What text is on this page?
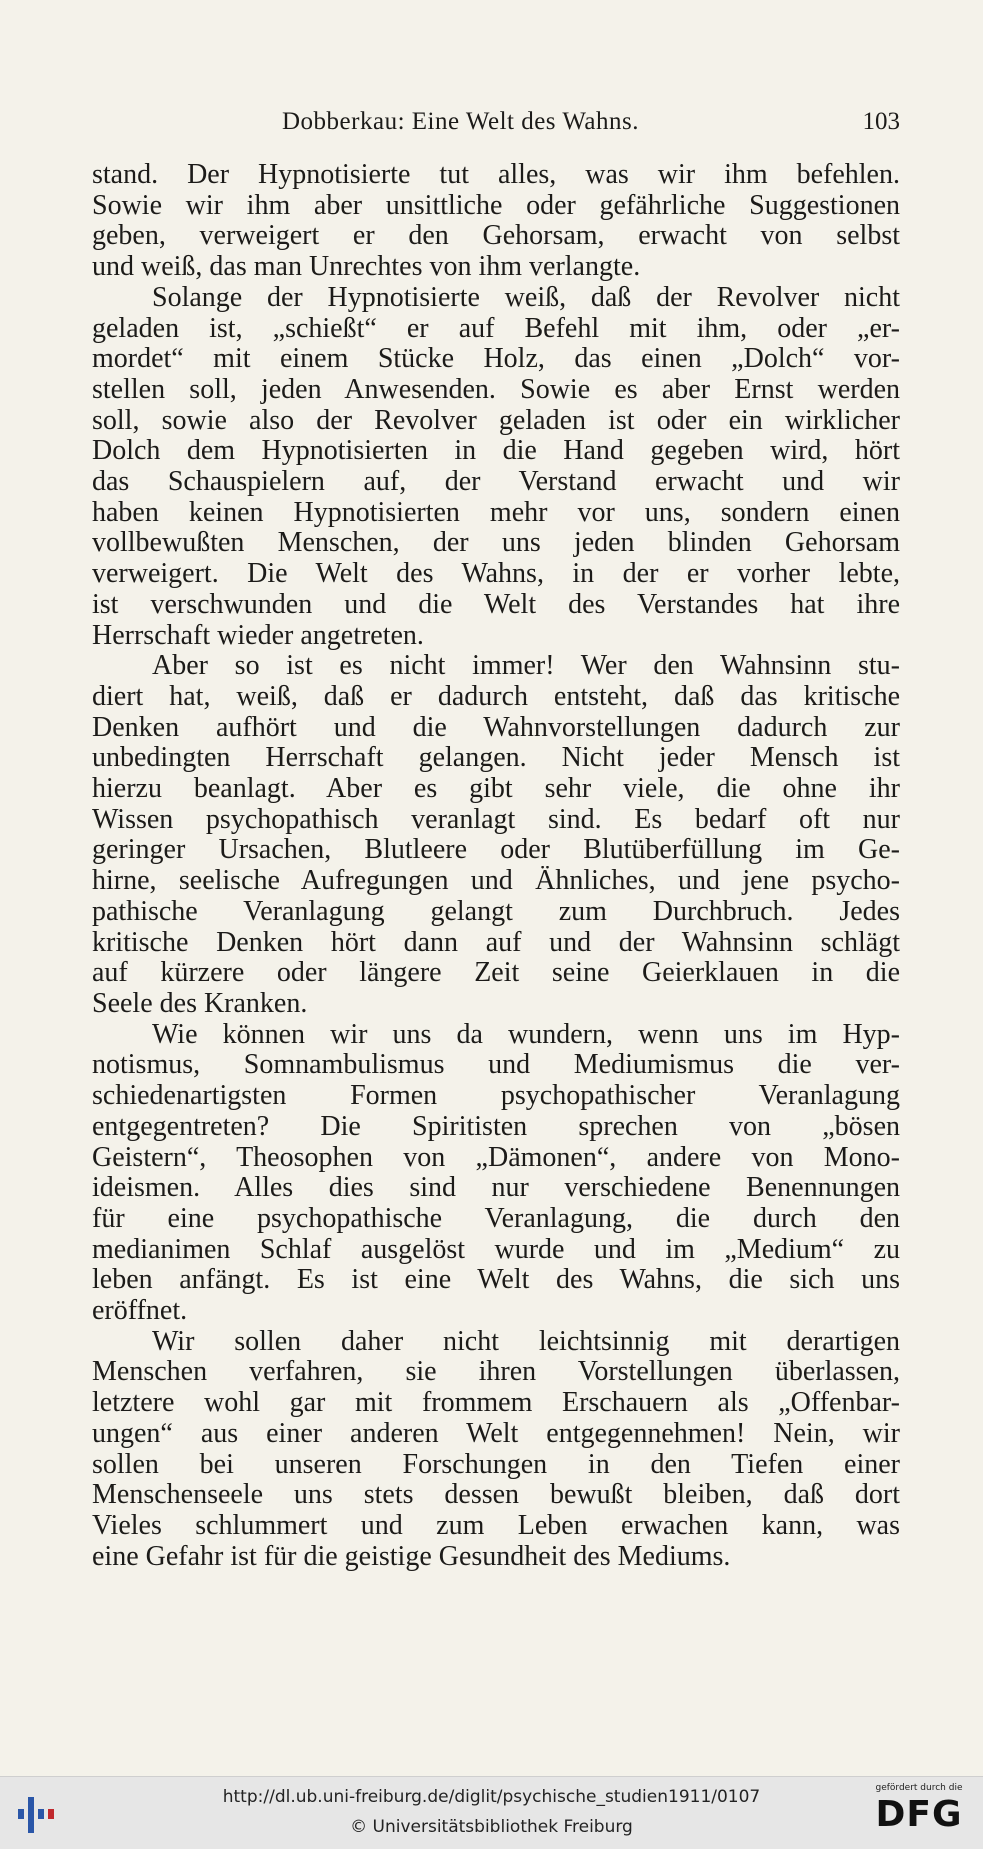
Dobberkau: Eine Welt des Wahns.	103

stand. Der Hypnotisierte tut alles, was wir ihm befehlen.
Sowie wir ihm aber unsittliche oder gefährliche Suggestionen
geben, verweigert er den Gehorsam, erwacht von selbst
und weiß, das man Unrechtes von ihm verlangte.

Solange der Hypnotisierte weiß, daß der Revolver nicht
geladen ist, „schießt“ er auf Befehl mit ihm, oder „er-
mordet“ mit einem Stücke Holz, das einen „Dolch“ vor-
stellen soll, jeden Anwesenden. Sowie es aber Ernst werden
soll, sowie also der Revolver geladen ist oder ein wirklicher
Dolch dem Hypnotisierten in die Hand gegeben wird, hört
das Schauspielern auf, der Verstand erwacht und wir
haben keinen Hypnotisierten mehr vor uns, sondern einen
vollbewußten Menschen, der uns jeden blinden Gehorsam
verweigert. Die Welt des Wahns, in der er vorher lebte,
ist verschwunden und die Welt des Verstandes hat ihre
Herrschaft wieder angetreten.

Aber so ist es nicht immer! Wer den Wahnsinn stu-
diert hat, weiß, daß er dadurch entsteht, daß das kritische
Denken aufhört und die Wahnvorstellungen dadurch zur
unbedingten Herrschaft gelangen. Nicht jeder Mensch ist
hierzu beanlagt. Aber es gibt sehr viele, die ohne ihr
Wissen psychopathisch veranlagt sind. Es bedarf oft nur
geringer Ursachen, Blutleere oder Blutüberfüllung im Ge-
hirne, seelische Aufregungen und Ähnliches, und jene psycho-
pathische Veranlagung gelangt zum Durchbruch. Jedes
kritische Denken hört dann auf und der Wahnsinn schlägt
auf kürzere oder längere Zeit seine Geierklauen in die
Seele des Kranken.

Wie können wir uns da wundern, wenn uns im Hyp-
notismus, Somnambulismus und Mediumismus die ver-
schiedenartigsten Formen psychopathischer Veranlagung
entgegentreten? Die Spiritisten sprechen von „bösen
Geistern“, Theosophen von „Dämonen“, andere von Mono-
ideismen. Alles dies sind nur verschiedene Benennungen
für eine psychopathische Veranlagung, die durch den
medianimen Schlaf ausgelöst wurde und im „Medium“ zu
leben anfängt. Es ist eine Welt des Wahns, die sich uns
eröffnet.

Wir sollen daher nicht leichtsinnig mit derartigen
Menschen verfahren, sie ihren Vorstellungen überlassen,
letztere wohl gar mit frommem Erschauern als „Offenbar-
ungen“ aus einer anderen Welt entgegennehmen! Nein, wir
sollen bei unseren Forschungen in den Tiefen einer
Menschenseele uns stets dessen bewußt bleiben, daß dort
Vieles schlummert und zum Leben erwachen kann, was
eine Gefahr ist für die geistige Gesundheit des Mediums.

http://dl.ub.uni-freiburg.de/diglit/psychische_studien1911/0107
© Universitätsbibliothek Freiburg
gefördert durch die
DFG
